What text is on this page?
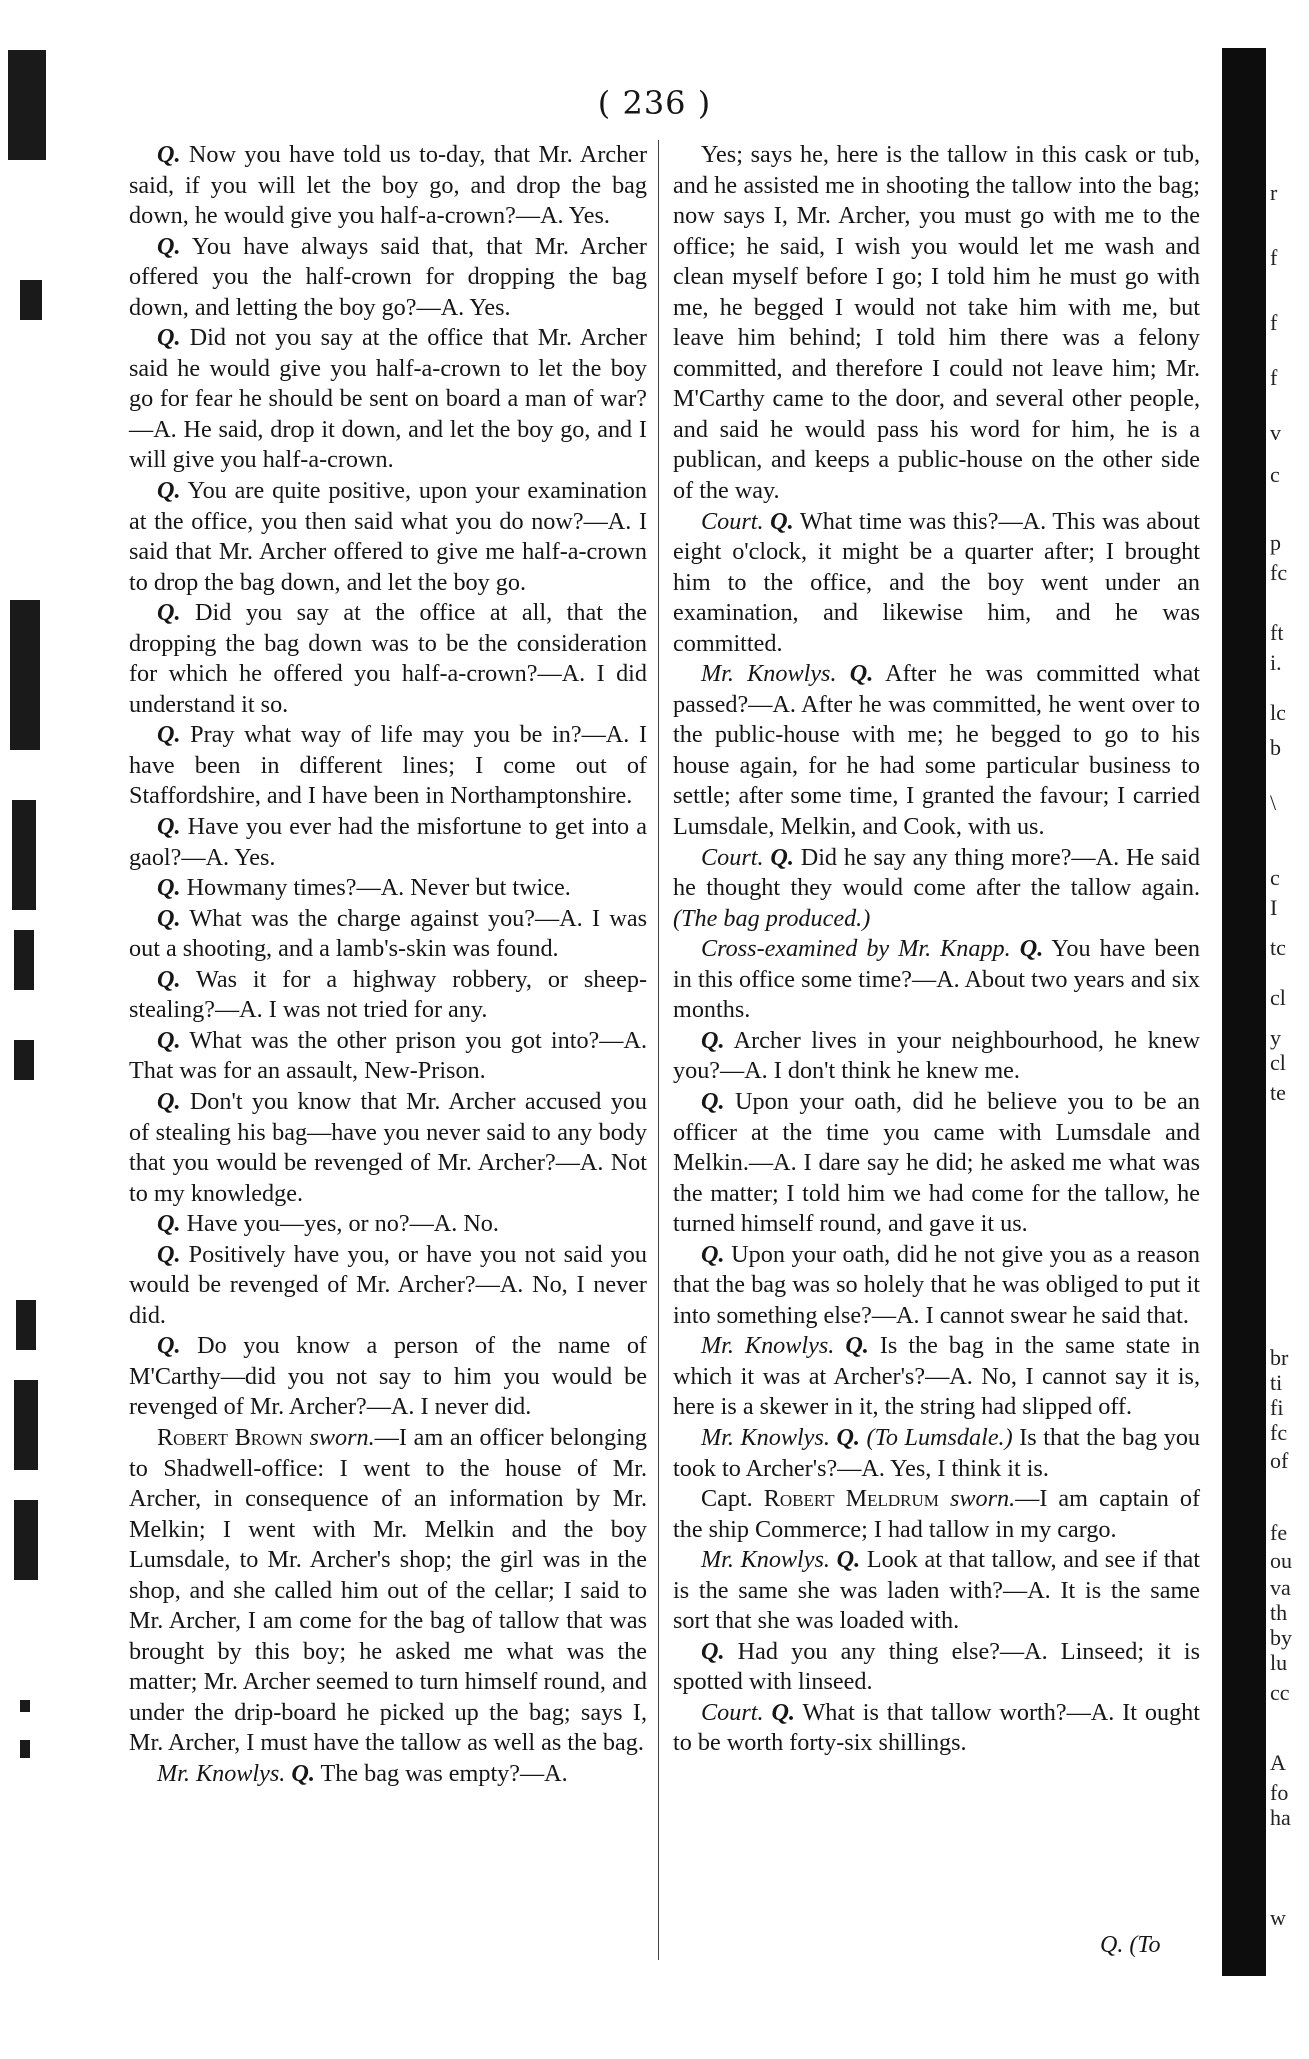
( 236 )

Q. Now you have told us to-day, that Mr. Archer said, if you will let the boy go, and drop the bag down, he would give you half-a-crown?—A. Yes.

Q. You have always said that, that Mr. Archer offered you the half-crown for dropping the bag down, and letting the boy go?—A. Yes.

Q. Did not you say at the office that Mr. Archer said he would give you half-a-crown to let the boy go for fear he should be sent on board a man of war?—A. He said, drop it down, and let the boy go, and I will give you half-a-crown.

Q. You are quite positive, upon your examination at the office, you then said what you do now?—A. I said that Mr. Archer offered to give me half-a-crown to drop the bag down, and let the boy go.

Q. Did you say at the office at all, that the dropping the bag down was to be the consideration for which he offered you half-a-crown?—A. I did understand it so.

Q. Pray what way of life may you be in?—A. I have been in different lines; I come out of Staffordshire, and I have been in Northamptonshire.

Q. Have you ever had the misfortune to get into a gaol?—A. Yes.

Q. Howmany times?—A. Never but twice.

Q. What was the charge against you?—A. I was out a shooting, and a lamb's-skin was found.

Q. Was it for a highway robbery, or sheep-stealing?—A. I was not tried for any.

Q. What was the other prison you got into?—A. That was for an assault, New-Prison.

Q. Don't you know that Mr. Archer accused you of stealing his bag—have you never said to any body that you would be revenged of Mr. Archer?—A. Not to my knowledge.

Q. Have you—yes, or no?—A. No.

Q. Positively have you, or have you not said you would be revenged of Mr. Archer?—A. No, I never did.

Q. Do you know a person of the name of M'Carthy—did you not say to him you would be revenged of Mr. Archer?—A. I never did.

Robert Brown sworn.—I am an officer belonging to Shadwell-office: I went to the house of Mr. Archer, in consequence of an information by Mr. Melkin; I went with Mr. Melkin and the boy Lumsdale, to Mr. Archer's shop; the girl was in the shop, and she called him out of the cellar; I said to Mr. Archer, I am come for the bag of tallow that was brought by this boy; he asked me what was the matter; Mr. Archer seemed to turn himself round, and under the drip-board he picked up the bag; says I, Mr. Archer, I must have the tallow as well as the bag.

Mr. Knowlys. Q. The bag was empty?—A.

Yes; says he, here is the tallow in this cask or tub, and he assisted me in shooting the tallow into the bag; now says I, Mr. Archer, you must go with me to the office; he said, I wish you would let me wash and clean myself before I go; I told him he must go with me, he begged I would not take him with me, but leave him behind; I told him there was a felony committed, and therefore I could not leave him; Mr. M'Carthy came to the door, and several other people, and said he would pass his word for him, he is a publican, and keeps a public-house on the other side of the way.

Court. Q. What time was this?—A. This was about eight o'clock, it might be a quarter after; I brought him to the office, and the boy went under an examination, and likewise him, and he was committed.

Mr. Knowlys. Q. After he was committed what passed?—A. After he was committed, he went over to the public-house with me; he begged to go to his house again, for he had some particular business to settle; after some time, I granted the favour; I carried Lumsdale, Melkin, and Cook, with us.

Court. Q. Did he say any thing more?—A. He said he thought they would come after the tallow again. (The bag produced.)

Cross-examined by Mr. Knapp. Q. You have been in this office some time?—A. About two years and six months.

Q. Archer lives in your neighbourhood, he knew you?—A. I don't think he knew me.

Q. Upon your oath, did he believe you to be an officer at the time you came with Lumsdale and Melkin.—A. I dare say he did; he asked me what was the matter; I told him we had come for the tallow, he turned himself round, and gave it us.

Q. Upon your oath, did he not give you as a reason that the bag was so holely that he was obliged to put it into something else?—A. I cannot swear he said that.

Mr. Knowlys. Q. Is the bag in the same state in which it was at Archer's?—A. No, I cannot say it is, here is a skewer in it, the string had slipped off.

Mr. Knowlys. Q. (To Lumsdale.) Is that the bag you took to Archer's?—A. Yes, I think it is.

Capt. Robert Meldrum sworn.—I am captain of the ship Commerce; I had tallow in my cargo.

Mr. Knowlys. Q. Look at that tallow, and see if that is the same she was laden with?—A. It is the same sort that she was loaded with.

Q. Had you any thing else?—A. Linseed; it is spotted with linseed.

Court. Q. What is that tallow worth?—A. It ought to be worth forty-six shillings.

Q. (To
r
f
f
f
v
c
p
fc
ft
i.
lc
b
\
c
I
tc
cl
y
cl
te
br
ti
fi
fc
of
fe
ou
va
th
by
lu
cc
A
fo
ha
w
